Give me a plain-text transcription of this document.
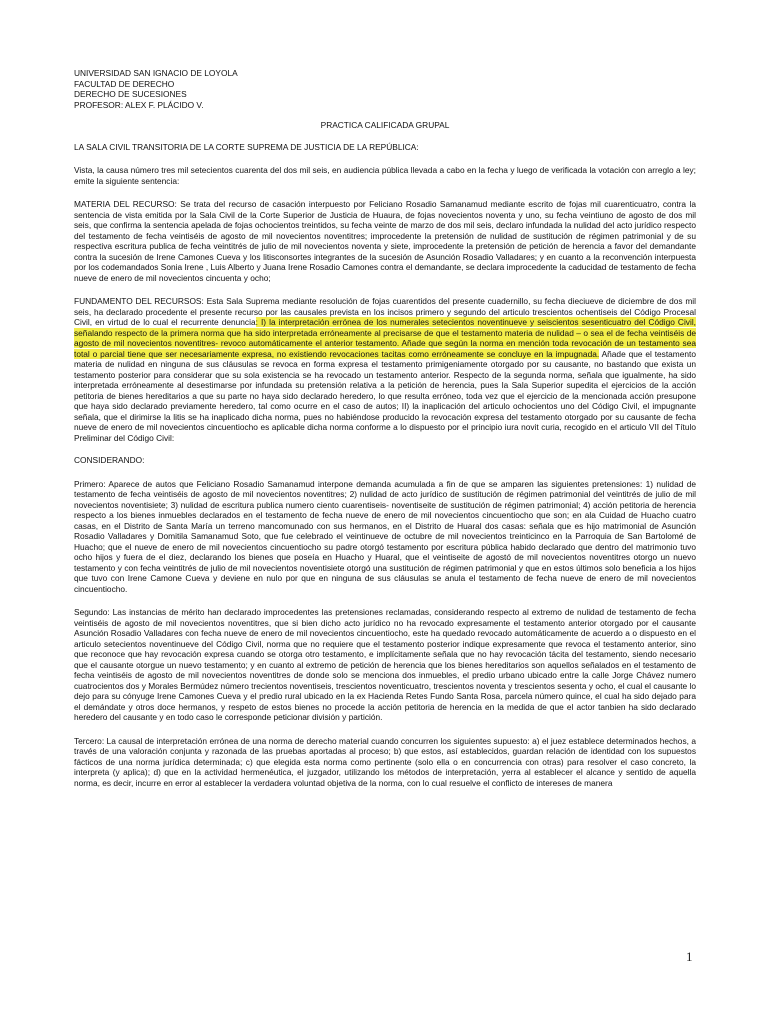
UNIVERSIDAD SAN IGNACIO DE LOYOLA
FACULTAD DE DERECHO
DERECHO DE SUCESIONES
PROFESOR: ALEX F. PLÁCIDO V.
PRACTICA CALIFICADA GRUPAL
LA SALA CIVIL TRANSITORIA DE LA CORTE SUPREMA DE JUSTICIA DE LA REPÚBLICA:

Vista, la causa número tres mil setecientos cuarenta del dos mil seis, en audiencia pública llevada a cabo en la fecha y luego de verificada la votación con arreglo a ley; emite la siguiente sentencia:

MATERIA DEL RECURSO: Se trata del recurso de casación interpuesto por Feliciano Rosadio Samanamud mediante escrito de fojas mil cuarenticuatro, contra la sentencia de vista emitida por la Sala Civil de la Corte Superior de Justicia de Huaura, de fojas novecientos noventa y uno, su fecha veintiuno de agosto de dos mil seis, que confirma la sentencia apelada de fojas ochocientos treintidos, su fecha veinte de marzo de dos mil seis, declaro infundada la nulidad del acto jurídico respecto del testamento de fecha veintiséis de agosto de mil novecientos noventitres; improcedente la pretensión de nulidad de sustitución de régimen patrimonial y de su respectiva escritura publica de fecha veintitrés de julio de mil novecientos noventa y siete, improcedente la pretensión de petición de herencia a favor del demandante contra la sucesión de Irene Camones Cueva y los litisconsortes integrantes de la sucesión de Asunción Rosadio Valladares; y en cuanto a la reconvención interpuesta por los codemandados Sonia Irene , Luis Alberto y Juana Irene Rosadio Camones contra el demandante, se declara improcedente la caducidad de testamento de fecha nueve de enero de mil novecientos cincuenta y ocho;

FUNDAMENTO DEL RECURSOS: Esta Sala Suprema mediante resolución de fojas cuarentidos del presente cuadernillo, su fecha dieciueve de diciembre de dos mil seis, ha declarado procedente el presente recurso por las causales prevista en los incisos primero y segundo del articulo trescientos ochentiseis del Código Procesal Civil, en virtud de lo cual el recurrente denuncia: I) la interpretación errónea de los numerales setecientos noventinueve y seiscientos sesenticuatro del Código Civil, señalando respecto de la primera norma que ha sido interpretada erróneamente al precisarse de que el testamento materia de nulidad – o sea el de fecha veintiséis de agosto de mil novecientos noventitres- revoco automáticamente el anterior testamento. Añade que según la norma en mención toda revocación de un testamento sea total o parcial tiene que ser necesariamente expresa, no existiendo revocaciones tacitas como erróneamente se concluye en la impugnada. Añade que el testamento materia de nulidad en ninguna de sus cláusulas se revoca en forma expresa el testamento primigeniamente otorgado por su causante, no bastando que exista un testamento posterior para considerar que su sola existencia se ha revocado un testamento anterior. Respecto de la segunda norma, señala que igualmente, ha sido interpretada erróneamente al desestimarse por infundada su pretensión relativa a la petición de herencia, pues la Sala Superior supedita el ejercicios de la acción petitoria de bienes hereditarios a que su parte no haya sido declarado heredero, lo que resulta erróneo, toda vez que el ejercicio de la mencionada acción presupone que haya sido declarado previamente heredero, tal como ocurre en el caso de autos; II) la inaplicación del articulo ochocientos uno del Código Civil, el impugnante señala, que el dirimirse la litis se ha inaplicado dicha norma, pues no habiéndose producido la revocación expresa del testamento otorgado por su causante de fecha nueve de enero de mil novecientos cincuentiocho es aplicable dicha norma conforme a lo dispuesto por el principio iura novit curia, recogido en el articulo VII del Título Preliminar del Código Civil:

CONSIDERANDO:

Primero: Aparece de autos que Feliciano Rosadio Samanamud interpone demanda acumulada a fin de que se amparen las siguientes pretensiones: 1) nulidad de testamento de fecha veintiséis de agosto de mil novecientos noventitres; 2) nulidad de acto jurídico de sustitución de régimen patrimonial del veintitrés de julio de mil novecientos noventisiete; 3) nulidad de escritura publica numero ciento cuarentiseis- noventiseite de sustitución de régimen patrimonial; 4) acción petitoria de herencia respecto a los bienes inmuebles declarados en el testamento de fecha nueve de enero de mil novecientos cincuentiocho que son; en ala Cuidad de Huacho cuatro casas, en el Distrito de Santa María un terreno mancomunado con sus hermanos, en el Distrito de Huaral dos casas: señala que es hijo matrimonial de Asunción Rosadio Valladares y Domitila Samanamud Soto, que fue celebrado el veintinueve de octubre de mil novecientos treinticinco en la Parroquia de San Bartolomé de Huacho; que el nueve de enero de mil novecientos cincuentiocho su padre otorgó testamento por escritura pública habido declarado que dentro del matrimonio tuvo ocho hijos y fuera de el diez, declarando los bienes que poseía en Huacho y Huaral, que el veintiseite de agostó de mil novecientos noventitres otorgo un nuevo testamento y con fecha veintitrés de julio de mil novecientos noventisiete otorgó una sustitución de régimen patrimonial y que en estos últimos solo beneficia a los hijos que tuvo con Irene Camone Cueva y deviene en nulo por que en ninguna de sus cláusulas se anula el testamento de fecha nueve de enero de mil novecientos cincuentiocho.

Segundo: Las instancias de mérito han declarado improcedentes las pretensiones reclamadas, considerando respecto al extremo de nulidad de testamento de fecha veintiséis de agosto de mil novecientos noventitres, que si bien dicho acto jurídico no ha revocado expresamente el testamento anterior otorgado por el causante Asunción Rosadio Valladares con fecha nueve de enero de mil novecientos cincuentiocho, este ha quedado revocado automáticamente de acuerdo a o dispuesto en el articulo setecientos noventinueve del Código Civil, norma que no requiere que el testamento posterior indique expresamente que revoca el testamento anterior, sino que reconoce que hay revocación expresa cuando se otorga otro testamento, e implícitamente señala que no hay revocación tácita del testamento, siendo necesario que el causante otorgue un nuevo testamento; y en cuanto al extremo de petición de herencia que los bienes hereditarios son aquellos señalados en el testamento de fecha veintiséis de agosto de mil novecientos noventitres de donde solo se menciona dos inmuebles, el predio urbano ubicado entre la calle Jorge Chávez numero cuatrocientos dos y Morales Bermúdez número trecientos noventiseis, trescientos noventicuatro, trescientos noventa y trescientos sesenta y ocho, el cual el causante lo dejo para su cónyuge Irene Camones Cueva y el predio rural ubicado en la ex Hacienda Retes Fundo Santa Rosa, parcela número quince, el cual ha sido dejado para el demándate y otros doce hermanos, y respeto de estos bienes no procede la acción petitoria de herencia en la medida de que el actor tanbien ha sido declarado heredero del causante y en todo caso le corresponde peticionar división y partición.

Tercero: La causal de interpretación errónea de una norma de derecho material cuando concurren los siguientes supuesto: a) el juez establece determinados hechos, a través de una valoración conjunta y razonada de las pruebas aportadas al proceso; b) que estos, así establecidos, guardan relación de identidad con los supuestos fácticos de una norma jurídica determinada; c) que elegida esta norma como pertinente (solo ella o en concurrencia con otras) para resolver el caso concreto, la interpreta (y aplica); d) que en la actividad hermenéutica, el juzgador, utilizando los métodos de interpretación, yerra al establecer el alcance y sentido de aquella norma, es decir, incurre en error al establecer la verdadera voluntad objetiva de la norma, con lo cual resuelve el conflicto de intereses de manera

1
